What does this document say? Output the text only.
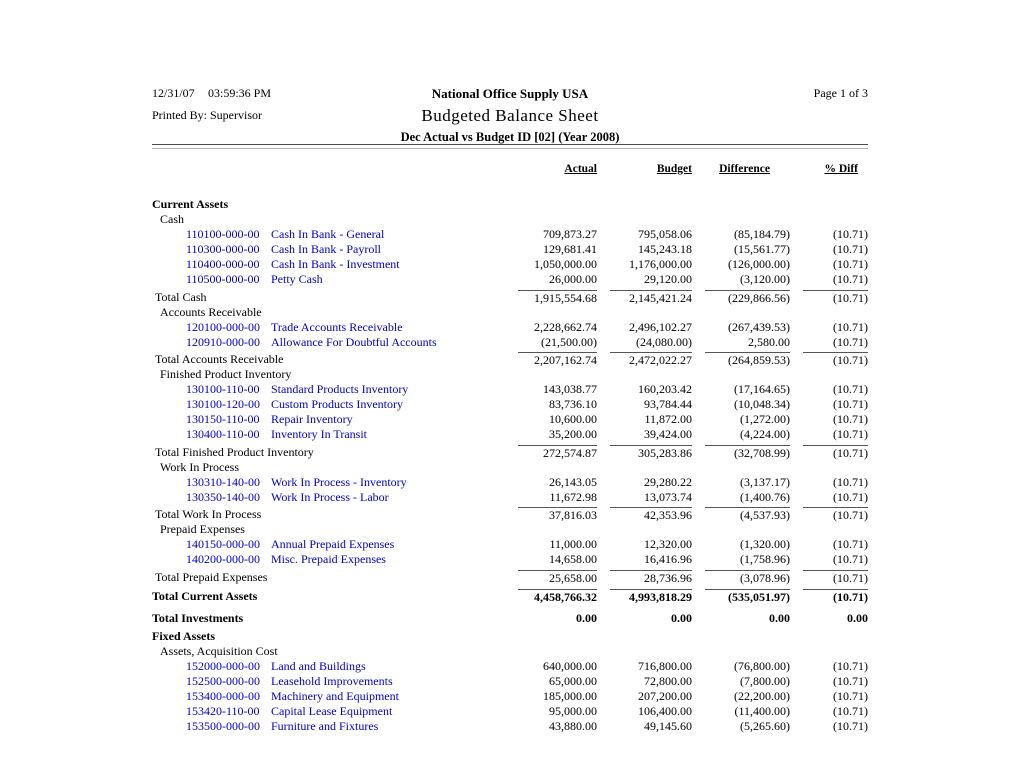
12/31/07 03:59:36 PM	National Office Supply USA	Page 1 of 3
Printed By: Supervisor	Budgeted Balance Sheet
Dec Actual vs Budget ID [02] (Year 2008)
Actual	Budget	Difference	% Diff
Current Assets
Cash
110100-000-00 Cash In Bank - General	709,873.27	795,058.06	(85,184.79)	(10.71)
110300-000-00 Cash In Bank - Payroll	129,681.41	145,243.18	(15,561.77)	(10.71)
110400-000-00 Cash In Bank - Investment	1,050,000.00	1,176,000.00	(126,000.00)	(10.71)
110500-000-00 Petty Cash	26,000.00	29,120.00	(3,120.00)	(10.71)
Total Cash	1,915,554.68	2,145,421.24	(229,866.56)	(10.71)
Accounts Receivable
120100-000-00 Trade Accounts Receivable	2,228,662.74	2,496,102.27	(267,439.53)	(10.71)
120910-000-00 Allowance For Doubtful Accounts	(21,500.00)	(24,080.00)	2,580.00	(10.71)
Total Accounts Receivable	2,207,162.74	2,472,022.27	(264,859.53)	(10.71)
Finished Product Inventory
130100-110-00 Standard Products Inventory	143,038.77	160,203.42	(17,164.65)	(10.71)
130100-120-00 Custom Products Inventory	83,736.10	93,784.44	(10,048.34)	(10.71)
130150-110-00 Repair Inventory	10,600.00	11,872.00	(1,272.00)	(10.71)
130400-110-00 Inventory In Transit	35,200.00	39,424.00	(4,224.00)	(10.71)
Total Finished Product Inventory	272,574.87	305,283.86	(32,708.99)	(10.71)
Work In Process
130310-140-00 Work In Process - Inventory	26,143.05	29,280.22	(3,137.17)	(10.71)
130350-140-00 Work In Process - Labor	11,672.98	13,073.74	(1,400.76)	(10.71)
Total Work In Process	37,816.03	42,353.96	(4,537.93)	(10.71)
Prepaid Expenses
140150-000-00 Annual Prepaid Expenses	11,000.00	12,320.00	(1,320.00)	(10.71)
140200-000-00 Misc. Prepaid Expenses	14,658.00	16,416.96	(1,758.96)	(10.71)
Total Prepaid Expenses	25,658.00	28,736.96	(3,078.96)	(10.71)
Total Current Assets	4,458,766.32	4,993,818.29	(535,051.97)	(10.71)
Total Investments	0.00	0.00	0.00	0.00
Fixed Assets
Assets, Acquisition Cost
152000-000-00 Land and Buildings	640,000.00	716,800.00	(76,800.00)	(10.71)
152500-000-00 Leasehold Improvements	65,000.00	72,800.00	(7,800.00)	(10.71)
153400-000-00 Machinery and Equipment	185,000.00	207,200.00	(22,200.00)	(10.71)
153420-110-00 Capital Lease Equipment	95,000.00	106,400.00	(11,400.00)	(10.71)
153500-000-00 Furniture and Fixtures	43,880.00	49,145.60	(5,265.60)	(10.71)
